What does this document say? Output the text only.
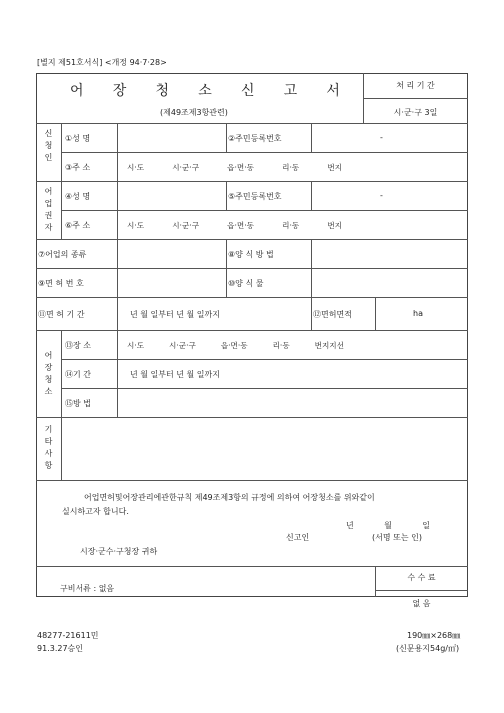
[별지 제51호서식] <개정 94·7·28>
어 장 청 소 신 고 서
(제49조제3항관련)
처 리 기 간
시·군·구 3일
신
청
인
①성 명	②주민등록번호	-
③주 소	시·도	시·군·구	읍·면·동	리·동	번지
어
업
권
자
④성 명	⑤주민등록번호	-
⑥주 소	시·도	시·군·구	읍·면·동	리·동	번지
⑦어업의 종류	⑧양 식 방 법
⑨면 허 번 호	⑩양 식 물
⑪면 허 기 간	년 월 일부터 년 월 일까지	⑫면허면적	ha
어
장
청
소
⑬장 소	시·도	시·군·구	읍·면·동	리·동	번지지선
⑭기 간	년 월 일부터 년 월 일까지
⑮방 법
기
타
사
항
어업면허및어장관리에관한규칙 제49조제3항의 규정에 의하여 어장청소를 위와같이
실시하고자 합니다.
년	월	일
신고인	(서명 또는 인)
시장·군수·구청장 귀하
구비서류 : 없음
수 수 료
없 음
48277-21611민
91.3.27승인
190㎜×268㎜
(신문용지54g/㎡)
